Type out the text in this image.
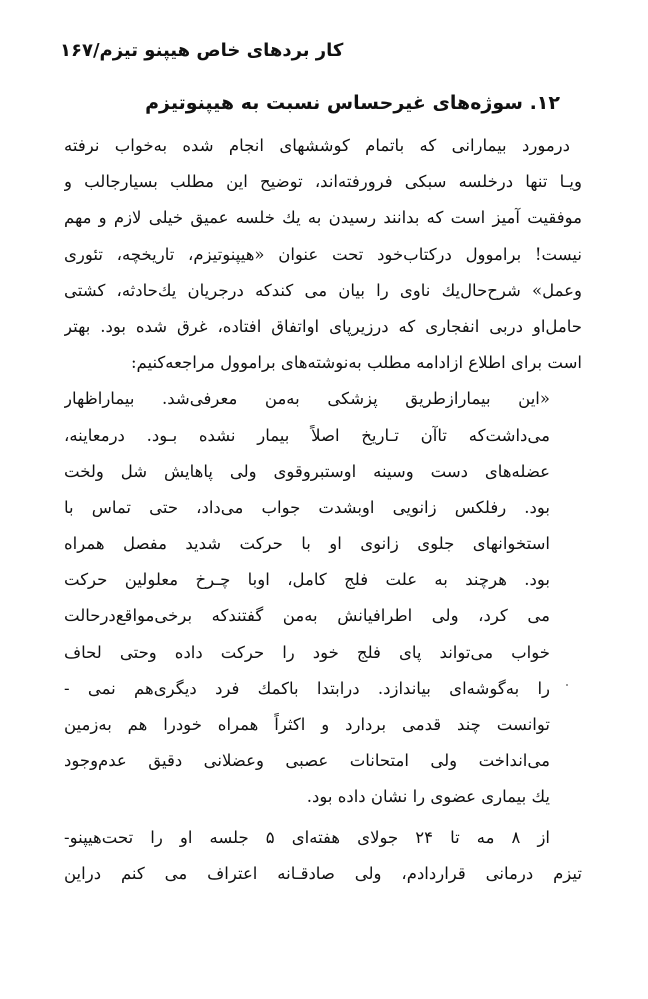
كار بردهای خاص هيپنو تيزم/١۶٧
١٢. سوژه‌های غيرحساس نسبت به هيپنوتيزم
درمورد بيمارانی كه باتمام كوششهای انجام شده به‌خواب نرفته
ويـا تنها درخلسه سبكی فرورفته‌اند، توضيح اين مطلب بسيارجالب و
موفقيت آميز است كه بدانند رسيدن به يك خلسه عميق خيلی لازم و مهم
نيست! براموول دركتاب‌خود تحت عنوان «هيپنوتيزم، تاريخچه، تئوری
وعمل» شرح‌حال‌يك ناوی را بيان می كندكه درجريان يك‌حادثه، كشتی
حامل‌او دربی انفجاری كه درزيرپای اواتفاق افتاده، غرق شده بود. بهتر
است برای اطلاع ازادامه مطلب به‌نوشته‌های براموول مراجعه‌كنيم:
«اين بيمارازطريق پزشكی به‌من معرفی‌شد. بيماراظهار
می‌داشت‌كه تاآن تـاريخ اصلاً بيمار نشده بـود. درمعاينه،
عضله‌های دست وسينه اوستبروقوی ولی پاهايش شل ولخت
بود. رفلكس زانويی اوبشدت جواب می‌داد، حتی تماس با
استخوانهای جلوی زانوی او با حركت شديد مفصل همراه
بود. هرچند به علت فلج كامل، اوبا چـرخ معلولين حركت
می كرد، ولی اطرافيانش به‌من گفتندكه برخی‌مواقع‌درحالت
خواب می‌تواند پای فلج خود را حركت داده وحتی لحاف
را به‌گوشه‌ای بياندازد. درابتدا باكمك فرد ديگری‌هم نمی -
توانست چند قدمی بردارد و اكثراً همراه خودرا هم به‌زمين
می‌انداخت ولی امتحانات عصبی وعضلانی دقيق عدم‌وجود
يك بيماری عضوی را نشان داده بود.
از ٨ مه تا ٢۴ جولای هفته‌ای ۵ جلسه او را تحت‌هيپنو-
تيزم درمانی قراردادم، ولی صادقـانه اعتراف می كنم دراين
